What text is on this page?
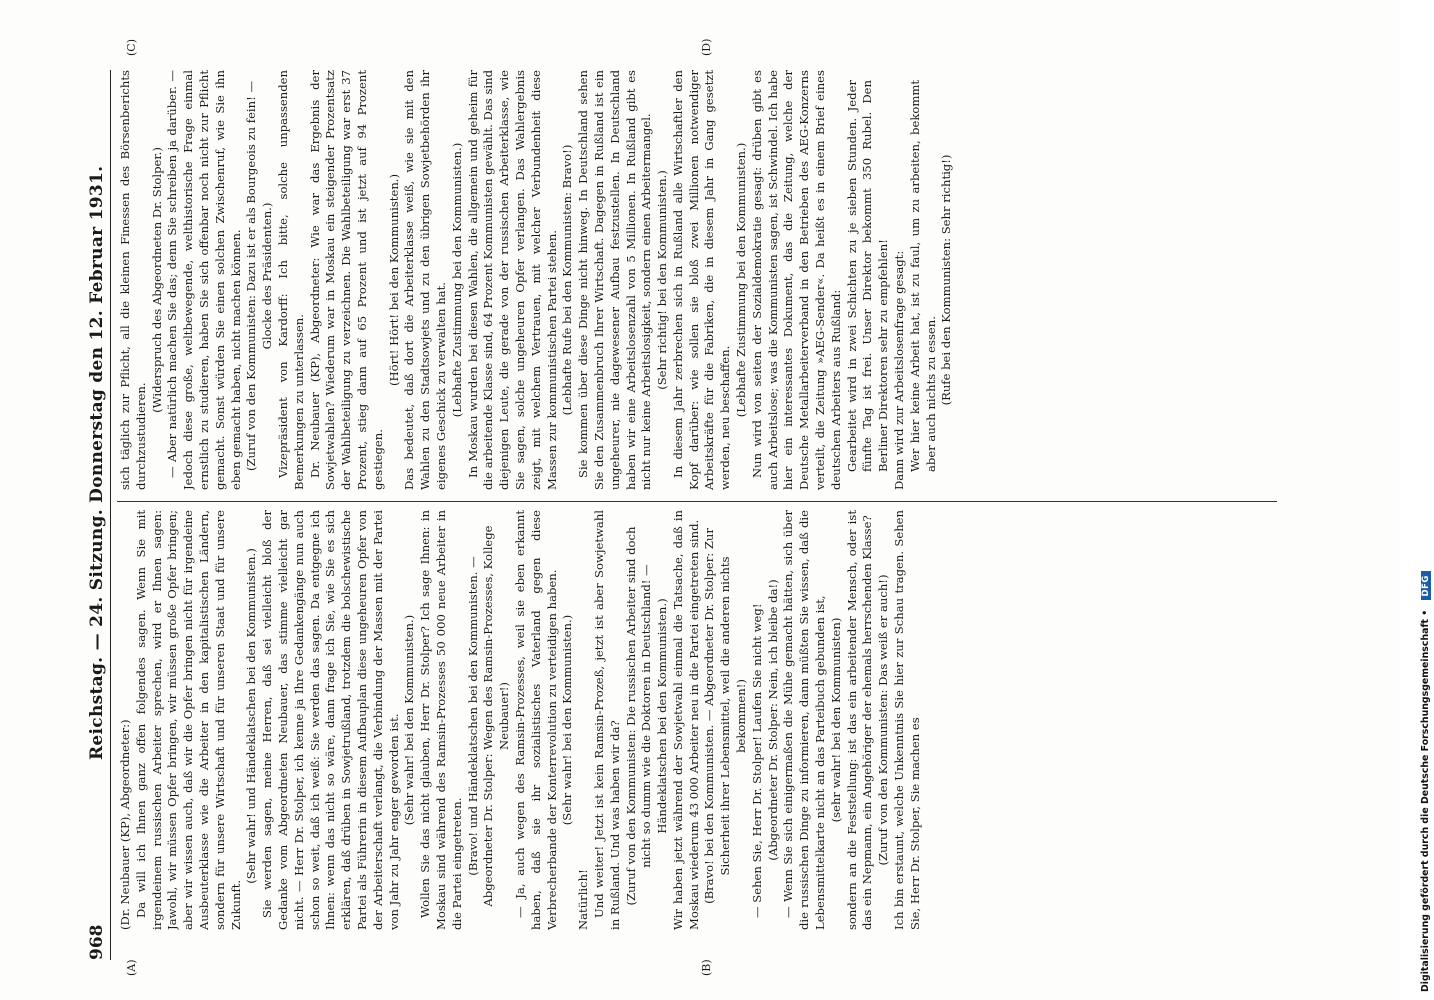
968
Reichstag. — 24. Sitzung. Donnerstag den 12. Februar 1931.
(A)	(B)
(C)	(D)

(Dr. Neubauer (KP), Abgeordneter:) Da will ich Ihnen ganz offen folgendes sagen. Wenn Sie mit irgendeinem russischen Arbeiter sprechen, wird er Ihnen sagen: Jawohl, wir müssen Opfer bringen, wir müssen große Opfer bringen; aber wir wissen auch, daß wir die Opfer bringen nicht für irgendeine Ausbeuterklasse wie die Arbeiter in den kapitalistischen Ländern, sondern für unsere Wirtschaft und für unseren Staat und für unsere Zukunft.

(Sehr wahr! und Händeklatschen bei den Kommunisten.) Sie werden sagen, meine Herren, daß sei vielleicht bloß der Gedanke vom Abgeordneten Neubauer, das stimme vielleicht gar nicht. — Herr Dr. Stolper, ich kenne ja Ihre Gedankengänge nun auch schon so weit, daß ich weiß: Sie werden das sagen. Da entgegne ich Ihnen: wenn das nicht so wäre, dann frage ich Sie, wie Sie es sich erklären, daß drüben in Sowjetrußland, trotzdem die bolschewistische Partei als Führerin in diesem Aufbauplan diese ungeheuren Opfer von der Arbeiterschaft verlangt, die Verbindung der Massen mit der Partei von Jahr zu Jahr enger geworden ist. (Sehr wahr! bei den Kommunisten.) Wollen Sie das nicht glauben, Herr Dr. Stolper? Ich sage Ihnen: in Moskau sind während des Ramsin-Prozesses 50 000 neue Arbeiter in die Partei eingetreten. (Bravo! und Händeklatschen bei den Kommunisten. — Abgeordneter Dr. Stolper: Wegen des Ramsin-Prozesses, Kollege Neubauer!) — Ja, auch wegen des Ramsin-Prozesses, weil sie eben erkannt haben, daß sie ihr sozialistisches Vaterland gegen diese Verbrecherbande der Konterrevolution zu verteidigen haben. (Sehr wahr! bei den Kommunisten.)

Natürlich! Und weiter! Jetzt ist kein Ramsin-Prozeß, jetzt ist aber Sowjetwahl in Rußland. Und was haben wir da? (Zuruf von den Kommunisten: Die russischen Arbeiter sind doch nicht so dumm wie die Doktoren in Deutschland! — Händeklatschen bei den Kommunisten.) Wir haben jetzt während der Sowjetwahl einmal die Tatsache, daß in Moskau wiederum 43 000 Arbeiter neu in die Partei eingetreten sind. (Bravo! bei den Kommunisten. — Abgeordneter Dr. Stolper: Zur Sicherheit ihrer Lebensmittel, weil die anderen nichts bekommen!) — Sehen Sie, Herr Dr. Stolper! Laufen Sie nicht weg! (Abgeordneter Dr. Stolper: Nein, ich bleibe da!) — Wenn Sie sich einigermaßen die Mühe gemacht hätten, sich über die russischen Dinge zu informieren, dann müßten Sie wissen, daß die Lebensmittelkarte nicht an das Parteibuch gebunden ist, (sehr wahr! bei den Kommunisten) sondern an die Feststellung: ist das ein arbeitender Mensch, oder ist das ein Nepmann, ein Angehöriger der ehemals herrschenden Klasse? (Zuruf von den Kommunisten: Das weiß er auch!) Ich bin erstaunt, welche Unkenntnis Sie hier zur Schau tragen. Sehen Sie, Herr Dr. Stolper, Sie machen es

sich täglich zur Pflicht, all die kleinen Finessen des Börsenberichts durchzustudieren.

(Widerspruch des Abgeordneten Dr. Stolper.) — Aber natürlich machen Sie das; denn Sie schreiben ja darüber. — Jedoch diese große, weltbewegende, welthistorische Frage einmal ernstlich zu studieren, haben Sie sich offenbar noch nicht zur Pflicht gemacht. Sonst würden Sie einen solchen Zwischenruf, wie Sie ihn eben gemacht haben, nicht machen können. (Zuruf von den Kommunisten: Dazu ist er als Bourgeois zu fein! — Glocke des Präsidenten.) Vizepräsident von Kardorff: Ich bitte, solche unpassenden Bemerkungen zu unterlassen. Dr. Neubauer (KP), Abgeordneter: Wie war das Ergebnis der Sowjetwahlen? Wiederum war in Moskau ein steigender Prozentsatz der Wahlbeteiligung zu verzeichnen. Die Wahlbeteiligung war erst 37 Prozent, stieg dann auf 65 Prozent und ist jetzt auf 94 Prozent gestiegen.

(Hört! Hört! bei den Kommunisten.) Das bedeutet, daß dort die Arbeiterklasse weiß, wie sie mit den Wahlen zu den Stadtsowjets und zu den übrigen Sowjetbehörden ihr eigenes Geschick zu verwalten hat. (Lebhafte Zustimmung bei den Kommunisten.) In Moskau wurden bei diesen Wahlen, die allgemein und geheim für die arbeitende Klasse sind, 64 Prozent Kommunisten gewählt. Das sind diejenigen Leute, die gerade von der russischen Arbeiterklasse, wie Sie sagen, solche ungeheuren Opfer verlangen. Das Wahlergebnis zeigt, mit welchem Vertrauen, mit welcher Verbundenheit diese Massen zur kommunistischen Partei stehen. (Lebhafte Rufe bei den Kommunisten: Bravo!) Sie kommen über diese Dinge nicht hinweg. In Deutschland sehen Sie den Zusammenbruch Ihrer Wirtschaft. Dagegen in Rußland ist ein ungeheurer, nie dagewesener Aufbau festzustellen. In Deutschland haben wir eine Arbeitslosenzahl von 5 Millionen. In Rußland gibt es nicht nur keine Arbeitslosigkeit, sondern einen Arbeitermangel. (Sehr richtig! bei den Kommunisten.) In diesem Jahr zerbrechen sich in Rußland alle Wirtschaftler den Kopf darüber: wie sollen sie bloß zwei Millionen notwendiger Arbeitskräfte für die Fabriken, die in diesem Jahr in Gang gesetzt werden, neu beschaffen.

(Lebhafte Zustimmung bei den Kommunisten.) Nun wird von seiten der Sozialdemokratie gesagt: drüben gibt es auch Arbeitslose; was die Kommunisten sagen, ist Schwindel. Ich habe hier ein interessantes Dokument, das die Zeitung, welche der Deutsche Metallarbeiterverband in den Betrieben des AEG-Konzerns verteilt, die Zeitung »AEG-Sender«. Da heißt es in einem Brief eines deutschen Arbeiters aus Rußland: Gearbeitet wird in zwei Schichten zu je sieben Stunden. Jeder fünfte Tag ist frei. Unser Direktor bekommt 350 Rubel. Den Berliner Direktoren sehr zu empfehlen! Dann wird zur Arbeitslosenfrage gesagt: Wer hier keine Arbeit hat, ist zu faul, um zu arbeiten, bekommt aber auch nichts zu essen. (Rufe bei den Kommunisten: Sehr richtig!)

Digitalisierung gefördert durch die Deutsche Forschungsgemeinschaft • DFG
